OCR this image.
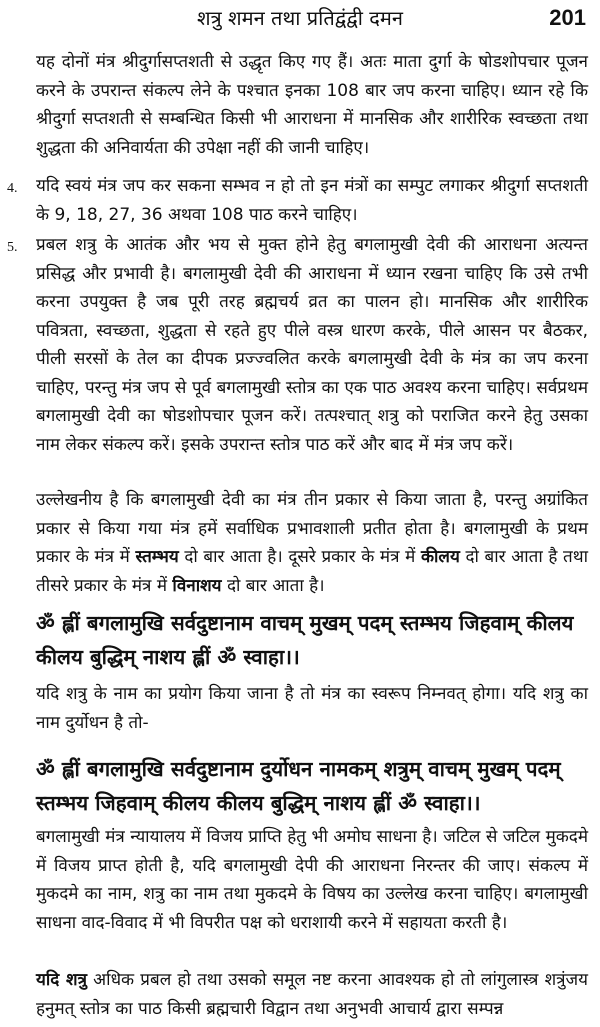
शत्रु शमन तथा प्रतिद्वंद्वी दमन	201

यह दोनों मंत्र श्रीदुर्गासप्तशती से उद्धृत किए गए हैं। अतः माता दुर्गा के षोडशोपचार पूजन करने के उपरान्त संकल्प लेने के पश्चात इनका 108 बार जप करना चाहिए। ध्यान रहे कि श्रीदुर्गा सप्तशती से सम्बन्धित किसी भी आराधना में मानसिक और शारीरिक स्वच्छता तथा शुद्धता की अनिवार्यता की उपेक्षा नहीं की जानी चाहिए।

4. यदि स्वयं मंत्र जप कर सकना सम्भव न हो तो इन मंत्रों का सम्पुट लगाकर श्रीदुर्गा सप्तशती के 9, 18, 27, 36 अथवा 108 पाठ करने चाहिए।

5. प्रबल शत्रु के आतंक और भय से मुक्त होने हेतु बगलामुखी देवी की आराधना अत्यन्त प्रसिद्ध और प्रभावी है। बगलामुखी देवी की आराधना में ध्यान रखना चाहिए कि उसे तभी करना उपयुक्त है जब पूरी तरह ब्रह्मचर्य व्रत का पालन हो। मानसिक और शारीरिक पवित्रता, स्वच्छता, शुद्धता से रहते हुए पीले वस्त्र धारण करके, पीले आसन पर बैठकर, पीली सरसों के तेल का दीपक प्रज्ज्वलित करके बगलामुखी देवी के मंत्र का जप करना चाहिए, परन्तु मंत्र जप से पूर्व बगलामुखी स्तोत्र का एक पाठ अवश्य करना चाहिए। सर्वप्रथम बगलामुखी देवी का षोडशोपचार पूजन करें। तत्पश्चात् शत्रु को पराजित करने हेतु उसका नाम लेकर संकल्प करें। इसके उपरान्त स्तोत्र पाठ करें और बाद में मंत्र जप करें।

उल्लेखनीय है कि बगलामुखी देवी का मंत्र तीन प्रकार से किया जाता है, परन्तु अग्रांकित प्रकार से किया गया मंत्र हमें सर्वाधिक प्रभावशाली प्रतीत होता है। बगलामुखी के प्रथम प्रकार के मंत्र में स्तम्भय दो बार आता है। दूसरे प्रकार के मंत्र में कीलय दो बार आता है तथा तीसरे प्रकार के मंत्र में विनाशय दो बार आता है।

ॐ ह्लीं बगलामुखि सर्वदुष्टानाम वाचम् मुखम् पदम् स्तम्भय जिहवाम् कीलय कीलय बुद्धिम् नाशय ह्लीं ॐ स्वाहा।।

यदि शत्रु के नाम का प्रयोग किया जाना है तो मंत्र का स्वरूप निम्नवत् होगा। यदि शत्रु का नाम दुर्योधन है तो-

ॐ ह्लीं बगलामुखि सर्वदुष्टानाम दुर्योधन नामकम् शत्रुम् वाचम् मुखम् पदम् स्तम्भय जिहवाम् कीलय कीलय बुद्धिम् नाशय ह्लीं ॐ स्वाहा।।

बगलामुखी मंत्र न्यायालय में विजय प्राप्ति हेतु भी अमोघ साधना है। जटिल से जटिल मुकदमे में विजय प्राप्त होती है, यदि बगलामुखी देपी की आराधना निरन्तर की जाए। संकल्प में मुकदमे का नाम, शत्रु का नाम तथा मुकदमे के विषय का उल्लेख करना चाहिए। बगलामुखी साधना वाद-विवाद में भी विपरीत पक्ष को धराशायी करने में सहायता करती है।

यदि शत्रु अधिक प्रबल हो तथा उसको समूल नष्ट करना आवश्यक हो तो लांगुलास्त्र शत्रुंजय हनुमत् स्तोत्र का पाठ किसी ब्रह्मचारी विद्वान तथा अनुभवी आचार्य द्वारा सम्पन्न
